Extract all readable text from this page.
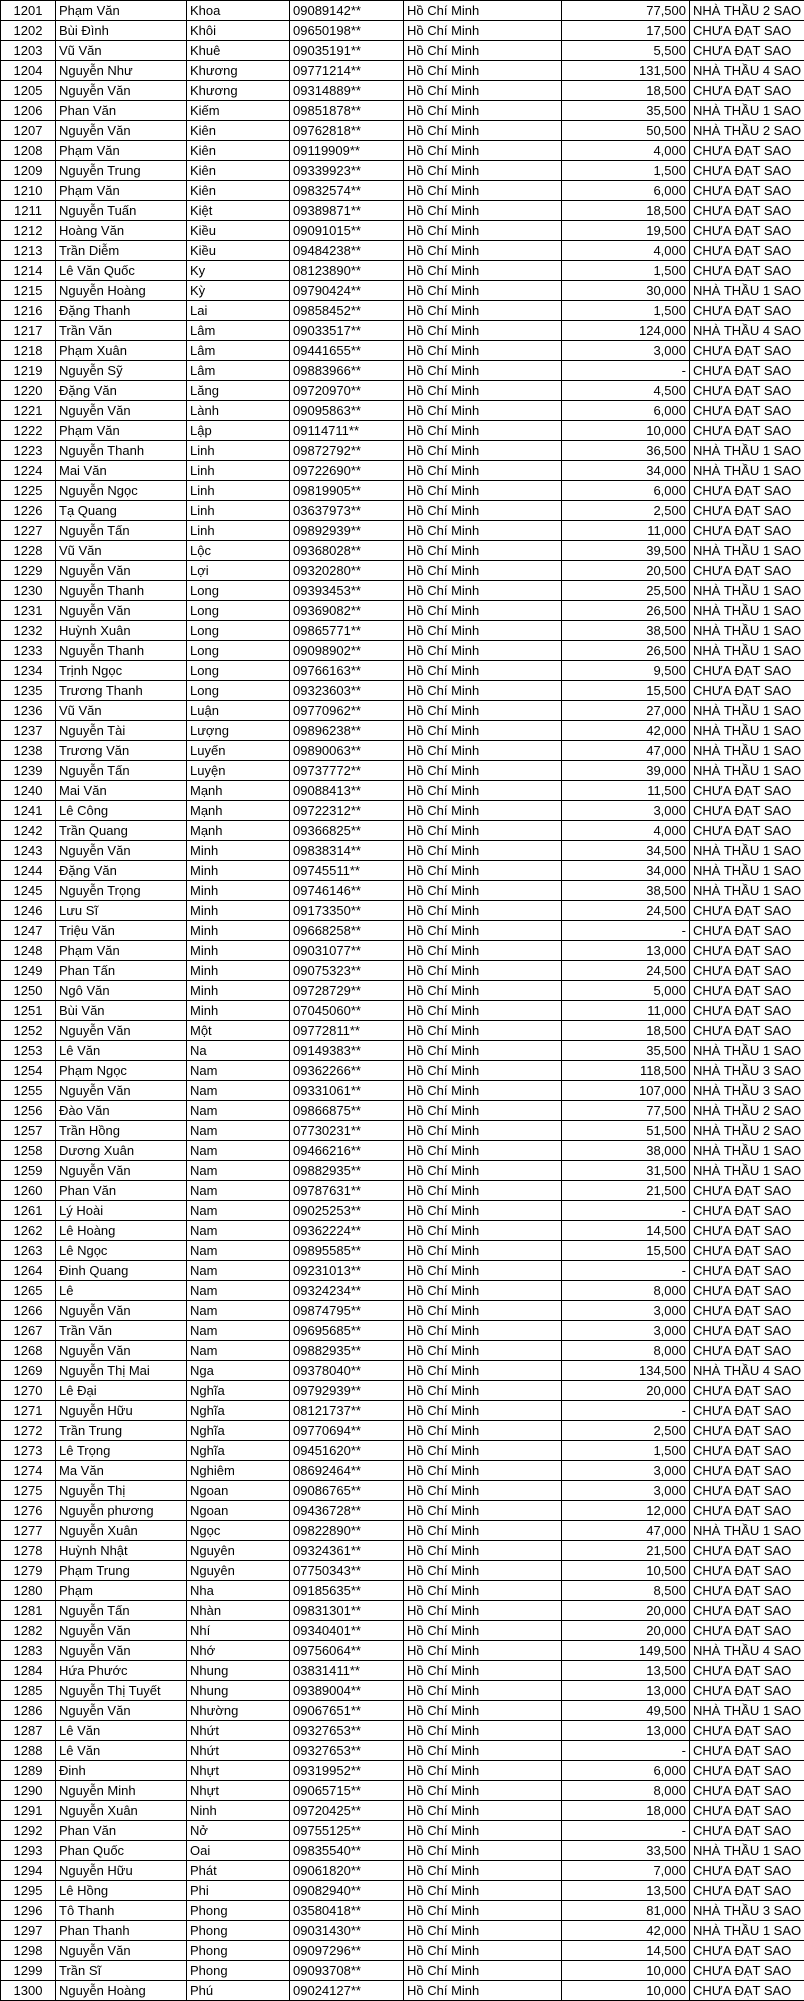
1201	Phạm Văn	Khoa	09089142**	Hồ Chí Minh	77,500	NHÀ THẦU 2 SAO
1202	Bùi Đình	Khôi	09650198**	Hồ Chí Minh	17,500	CHƯA ĐẠT SAO
1203	Vũ Văn	Khuê	09035191**	Hồ Chí Minh	5,500	CHƯA ĐẠT SAO
1204	Nguyễn Như	Khương	09771214**	Hồ Chí Minh	131,500	NHÀ THẦU 4 SAO
1205	Nguyễn Văn	Khương	09314889**	Hồ Chí Minh	18,500	CHƯA ĐẠT SAO
1206	Phan Văn	Kiếm	09851878**	Hồ Chí Minh	35,500	NHÀ THẦU 1 SAO
1207	Nguyễn Văn	Kiên	09762818**	Hồ Chí Minh	50,500	NHÀ THẦU 2 SAO
1208	Phạm Văn	Kiên	09119909**	Hồ Chí Minh	4,000	CHƯA ĐẠT SAO
1209	Nguyễn Trung	Kiên	09339923**	Hồ Chí Minh	1,500	CHƯA ĐẠT SAO
1210	Phạm Văn	Kiên	09832574**	Hồ Chí Minh	6,000	CHƯA ĐẠT SAO
1211	Nguyễn Tuấn	Kiệt	09389871**	Hồ Chí Minh	18,500	CHƯA ĐẠT SAO
1212	Hoàng Văn	Kiều	09091015**	Hồ Chí Minh	19,500	CHƯA ĐẠT SAO
1213	Trần Diễm	Kiều	09484238**	Hồ Chí Minh	4,000	CHƯA ĐẠT SAO
1214	Lê Văn Quốc	Ky	08123890**	Hồ Chí Minh	1,500	CHƯA ĐẠT SAO
1215	Nguyễn Hoàng	Kỳ	09790424**	Hồ Chí Minh	30,000	NHÀ THẦU 1 SAO
1216	Đặng Thanh	Lai	09858452**	Hồ Chí Minh	1,500	CHƯA ĐẠT SAO
1217	Trần Văn	Lâm	09033517**	Hồ Chí Minh	124,000	NHÀ THẦU 4 SAO
1218	Phạm Xuân	Lâm	09441655**	Hồ Chí Minh	3,000	CHƯA ĐẠT SAO
1219	Nguyễn Sỹ	Lâm	09883966**	Hồ Chí Minh	-	CHƯA ĐẠT SAO
1220	Đặng Văn	Lăng	09720970**	Hồ Chí Minh	4,500	CHƯA ĐẠT SAO
1221	Nguyễn Văn	Lành	09095863**	Hồ Chí Minh	6,000	CHƯA ĐẠT SAO
1222	Phạm Văn	Lập	09114711**	Hồ Chí Minh	10,000	CHƯA ĐẠT SAO
1223	Nguyễn Thanh	Linh	09872792**	Hồ Chí Minh	36,500	NHÀ THẦU 1 SAO
1224	Mai Văn	Linh	09722690**	Hồ Chí Minh	34,000	NHÀ THẦU 1 SAO
1225	Nguyễn Ngọc	Linh	09819905**	Hồ Chí Minh	6,000	CHƯA ĐẠT SAO
1226	Tạ Quang	Linh	03637973**	Hồ Chí Minh	2,500	CHƯA ĐẠT SAO
1227	Nguyễn Tấn	Linh	09892939**	Hồ Chí Minh	11,000	CHƯA ĐẠT SAO
1228	Vũ Văn	Lộc	09368028**	Hồ Chí Minh	39,500	NHÀ THẦU 1 SAO
1229	Nguyễn Văn	Lợi	09320280**	Hồ Chí Minh	20,500	CHƯA ĐẠT SAO
1230	Nguyễn Thanh	Long	09393453**	Hồ Chí Minh	25,500	NHÀ THẦU 1 SAO
1231	Nguyễn Văn	Long	09369082**	Hồ Chí Minh	26,500	NHÀ THẦU 1 SAO
1232	Huỳnh Xuân	Long	09865771**	Hồ Chí Minh	38,500	NHÀ THẦU 1 SAO
1233	Nguyễn Thanh	Long	09098902**	Hồ Chí Minh	26,500	NHÀ THẦU 1 SAO
1234	Trịnh Ngọc	Long	09766163**	Hồ Chí Minh	9,500	CHƯA ĐẠT SAO
1235	Trương Thanh	Long	09323603**	Hồ Chí Minh	15,500	CHƯA ĐẠT SAO
1236	Vũ Văn	Luận	09770962**	Hồ Chí Minh	27,000	NHÀ THẦU 1 SAO
1237	Nguyễn Tài	Lượng	09896238**	Hồ Chí Minh	42,000	NHÀ THẦU 1 SAO
1238	Trương Văn	Luyến	09890063**	Hồ Chí Minh	47,000	NHÀ THẦU 1 SAO
1239	Nguyễn Tấn	Luyện	09737772**	Hồ Chí Minh	39,000	NHÀ THẦU 1 SAO
1240	Mai Văn	Mạnh	09088413**	Hồ Chí Minh	11,500	CHƯA ĐẠT SAO
1241	Lê Công	Mạnh	09722312**	Hồ Chí Minh	3,000	CHƯA ĐẠT SAO
1242	Trần Quang	Mạnh	09366825**	Hồ Chí Minh	4,000	CHƯA ĐẠT SAO
1243	Nguyễn Văn	Minh	09838314**	Hồ Chí Minh	34,500	NHÀ THẦU 1 SAO
1244	Đặng Văn	Minh	09745511**	Hồ Chí Minh	34,000	NHÀ THẦU 1 SAO
1245	Nguyễn Trọng	Minh	09746146**	Hồ Chí Minh	38,500	NHÀ THẦU 1 SAO
1246	Lưu Sĩ	Minh	09173350**	Hồ Chí Minh	24,500	CHƯA ĐẠT SAO
1247	Triệu Văn	Minh	09668258**	Hồ Chí Minh	-	CHƯA ĐẠT SAO
1248	Phạm Văn	Minh	09031077**	Hồ Chí Minh	13,000	CHƯA ĐẠT SAO
1249	Phan Tấn	Minh	09075323**	Hồ Chí Minh	24,500	CHƯA ĐẠT SAO
1250	Ngô Văn	Minh	09728729**	Hồ Chí Minh	5,000	CHƯA ĐẠT SAO
1251	Bùi Văn	Minh	07045060**	Hồ Chí Minh	11,000	CHƯA ĐẠT SAO
1252	Nguyễn Văn	Một	09772811**	Hồ Chí Minh	18,500	CHƯA ĐẠT SAO
1253	Lê Văn	Na	09149383**	Hồ Chí Minh	35,500	NHÀ THẦU 1 SAO
1254	Phạm Ngọc	Nam	09362266**	Hồ Chí Minh	118,500	NHÀ THẦU 3 SAO
1255	Nguyễn Văn	Nam	09331061**	Hồ Chí Minh	107,000	NHÀ THẦU 3 SAO
1256	Đào Văn	Nam	09866875**	Hồ Chí Minh	77,500	NHÀ THẦU 2 SAO
1257	Trần Hồng	Nam	07730231**	Hồ Chí Minh	51,500	NHÀ THẦU 2 SAO
1258	Dương Xuân	Nam	09466216**	Hồ Chí Minh	38,000	NHÀ THẦU 1 SAO
1259	Nguyễn Văn	Nam	09882935**	Hồ Chí Minh	31,500	NHÀ THẦU 1 SAO
1260	Phan Văn	Nam	09787631**	Hồ Chí Minh	21,500	CHƯA ĐẠT SAO
1261	Lý Hoài	Nam	09025253**	Hồ Chí Minh	-	CHƯA ĐẠT SAO
1262	Lê Hoàng	Nam	09362224**	Hồ Chí Minh	14,500	CHƯA ĐẠT SAO
1263	Lê Ngọc	Nam	09895585**	Hồ Chí Minh	15,500	CHƯA ĐẠT SAO
1264	Đinh Quang	Nam	09231013**	Hồ Chí Minh	-	CHƯA ĐẠT SAO
1265	Lê	Nam	09324234**	Hồ Chí Minh	8,000	CHƯA ĐẠT SAO
1266	Nguyễn Văn	Nam	09874795**	Hồ Chí Minh	3,000	CHƯA ĐẠT SAO
1267	Trần Văn	Nam	09695685**	Hồ Chí Minh	3,000	CHƯA ĐẠT SAO
1268	Nguyễn Văn	Nam	09882935**	Hồ Chí Minh	8,000	CHƯA ĐẠT SAO
1269	Nguyễn Thị Mai	Nga	09378040**	Hồ Chí Minh	134,500	NHÀ THẦU 4 SAO
1270	Lê Đại	Nghĩa	09792939**	Hồ Chí Minh	20,000	CHƯA ĐẠT SAO
1271	Nguyễn Hữu	Nghĩa	08121737**	Hồ Chí Minh	-	CHƯA ĐẠT SAO
1272	Trần Trung	Nghĩa	09770694**	Hồ Chí Minh	2,500	CHƯA ĐẠT SAO
1273	Lê Trọng	Nghĩa	09451620**	Hồ Chí Minh	1,500	CHƯA ĐẠT SAO
1274	Ma Văn	Nghiêm	08692464**	Hồ Chí Minh	3,000	CHƯA ĐẠT SAO
1275	Nguyễn Thị	Ngoan	09086765**	Hồ Chí Minh	3,000	CHƯA ĐẠT SAO
1276	Nguyễn phương	Ngoan	09436728**	Hồ Chí Minh	12,000	CHƯA ĐẠT SAO
1277	Nguyễn Xuân	Ngọc	09822890**	Hồ Chí Minh	47,000	NHÀ THẦU 1 SAO
1278	Huỳnh Nhật	Nguyên	09324361**	Hồ Chí Minh	21,500	CHƯA ĐẠT SAO
1279	Phạm Trung	Nguyên	07750343**	Hồ Chí Minh	10,500	CHƯA ĐẠT SAO
1280	Phạm	Nha	09185635**	Hồ Chí Minh	8,500	CHƯA ĐẠT SAO
1281	Nguyễn Tấn	Nhàn	09831301**	Hồ Chí Minh	20,000	CHƯA ĐẠT SAO
1282	Nguyễn Văn	Nhí	09340401**	Hồ Chí Minh	20,000	CHƯA ĐẠT SAO
1283	Nguyễn Văn	Nhớ	09756064**	Hồ Chí Minh	149,500	NHÀ THẦU 4 SAO
1284	Hứa Phước	Nhung	03831411**	Hồ Chí Minh	13,500	CHƯA ĐẠT SAO
1285	Nguyễn Thị Tuyết	Nhung	09389004**	Hồ Chí Minh	13,000	CHƯA ĐẠT SAO
1286	Nguyễn Văn	Nhường	09067651**	Hồ Chí Minh	49,500	NHÀ THẦU 1 SAO
1287	Lê Văn	Nhứt	09327653**	Hồ Chí Minh	13,000	CHƯA ĐẠT SAO
1288	Lê Văn	Nhứt	09327653**	Hồ Chí Minh	-	CHƯA ĐẠT SAO
1289	Đinh	Nhựt	09319952**	Hồ Chí Minh	6,000	CHƯA ĐẠT SAO
1290	Nguyễn Minh	Nhựt	09065715**	Hồ Chí Minh	8,000	CHƯA ĐẠT SAO
1291	Nguyễn Xuân	Ninh	09720425**	Hồ Chí Minh	18,000	CHƯA ĐẠT SAO
1292	Phan Văn	Nở	09755125**	Hồ Chí Minh	-	CHƯA ĐẠT SAO
1293	Phan Quốc	Oai	09835540**	Hồ Chí Minh	33,500	NHÀ THẦU 1 SAO
1294	Nguyễn Hữu	Phát	09061820**	Hồ Chí Minh	7,000	CHƯA ĐẠT SAO
1295	Lê Hồng	Phi	09082940**	Hồ Chí Minh	13,500	CHƯA ĐẠT SAO
1296	Tô Thanh	Phong	03580418**	Hồ Chí Minh	81,000	NHÀ THẦU 3 SAO
1297	Phan Thanh	Phong	09031430**	Hồ Chí Minh	42,000	NHÀ THẦU 1 SAO
1298	Nguyễn Văn	Phong	09097296**	Hồ Chí Minh	14,500	CHƯA ĐẠT SAO
1299	Trần Sĩ	Phong	09093708**	Hồ Chí Minh	10,000	CHƯA ĐẠT SAO
1300	Nguyễn Hoàng	Phú	09024127**	Hồ Chí Minh	10,000	CHƯA ĐẠT SAO
